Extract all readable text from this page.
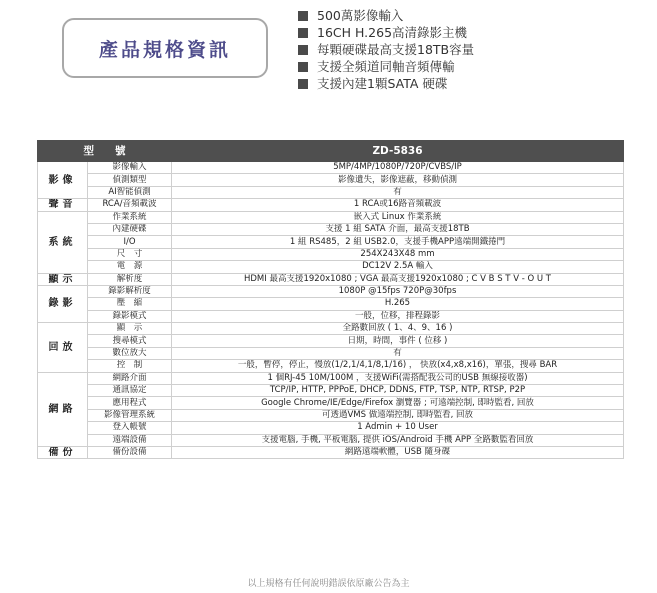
產品規格資訊
500萬影像輸入
16CH H.265高清錄影主機
每顆硬碟最高支援18TB容量
支援全頻道同軸音頻傳輸
支援內建1顆SATA 硬碟
型　　號		ZD-5836
影像	影像輸入	5MP/4MP/1080P/720P/CVBS/IP
	偵測類型	影像遺失，影像遮蔽，移動偵測
	AI智能偵測	有
聲音	RCA/音頻載波	1 RCA或16路音頻載波
系統	作業系統	嵌入式 Linux 作業系統
	內建硬碟	支援 1 組 SATA 介面，最高支援18TB
	I/O	1 組 RS485，2 組 USB2.0，支援手機APP遠端開鐵捲門
	尺　寸	254X243X48 mm
	電　源	DC12V 2.5A 輸入
顯示	解析度	HDMI 最高支援1920x1080 ; VGA 最高支援1920x1080 ; C V B S T V - O U T
錄影	錄影解析度	1080P @15fps 720P@30fps
	壓　縮	H.265
	錄影模式	一般，位移，排程錄影
回放	顯　示	全路數回放 ( 1、4、9、16 )
	搜尋模式	日期，時間，事件 ( 位移 )
	數位放大	有
	控　制	一般，暫停，停止，慢放(1/2,1/4,1/8,1/16) ， 快放(x4,x8,x16)，單張，搜尋 BAR
網路	網路介面	1 個RJ-45 10M/100M ，支援WiFi(需搭配我公司的USB 無線接收器)
	通訊協定	TCP/IP, HTTP, PPPoE, DHCP, DDNS, FTP, TSP, NTP, RTSP, P2P
	應用程式	Google Chrome/IE/Edge/Firefox 瀏覽器 ; 可遠端控制, 即時監看, 回放
	影像管理系統	可透過VMS 做遠端控制, 即時監看, 回放
	登入帳號	1 Admin + 10 User
	遠端設備	支援電腦, 手機, 平板電腦, 提供 iOS/Android 手機 APP 全路數監看回放
備份	備份設備	網路遠端軟體，USB 隨身碟
以上規格有任何說明錯誤依原廠公告為主
